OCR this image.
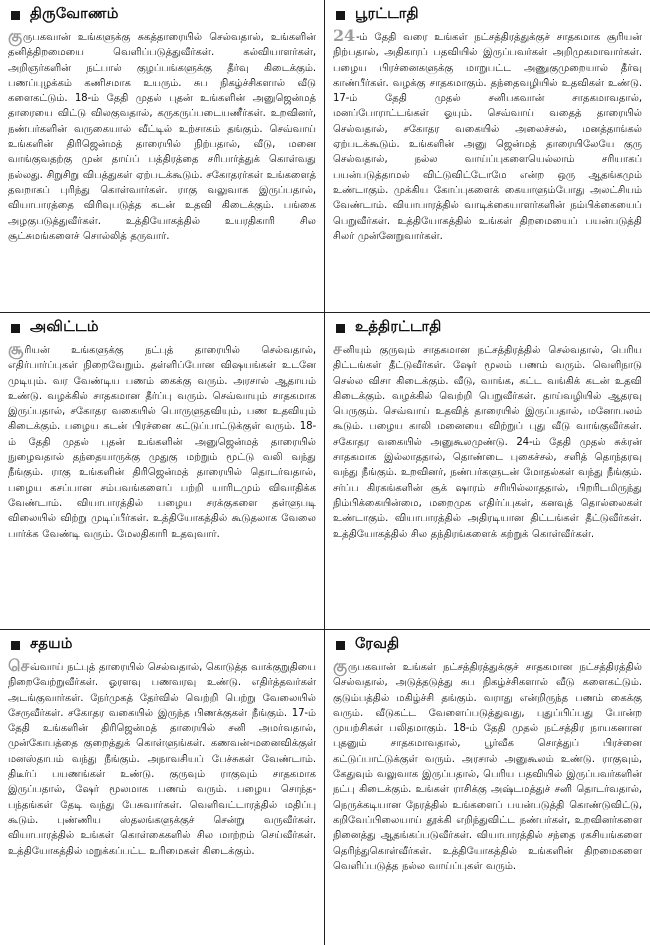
திருவோணம்
குருபகவான் உங்களுக்கு சுகத்தாரையில் செல்வதால், உங்களின் தனித்திறமையை வெளிப்படுத்துவீர்கள். கல்வியாளர்கள், அறிஞர்களின் நட்பால் குழப்பங்களுக்கு தீர்வு கிடைக்கும். பணப்புழக்கம் கணிசமாக உயரும். சுப நிகழ்ச்சிகளால் வீடு களைகட்டும். 18-ம் தேதி முதல் புதன் உங்களின் அனுஜென்மத் தாரையை விட்டு விலகுவதால், கருகருப்படையணீர்கள். உறவினர், நண்பர்களின் வருகையால் வீட்டில் உற்சாகம் தங்கும். செவ்வாய் உங்களின் திரிஜென்மத் தாரையில் நிற்பதால், வீடு, மனை வாங்குவதற்கு முன் தாய்ப் பத்திரத்தை சரிபார்த்துக் கொள்வது நல்லது. சிறுசிறு விபத்துகள் ஏற்படக்கூடும். சகோதரர்கள் உங்களைத் தவறாகப் புரிந்து கொள்வார்கள். ராகு வலுவாக இருப்பதால், வியாபாரத்தை விரிவுபடுத்த கடன் உதவி கிடைக்கும். பங்கை அழகுபடுத்துவீர்கள். உத்தியோகத்தில் உயரதிகாரி சில சூட்சுமங்களைச் சொல்லித் தருவார்.
பூரட்டாதி
24-ம் தேதி வரை உங்கள் நட்சத்திரத்துக்குச் சாதகமாக சூரியன் நிற்பதால், அதிகாரப் பதவியில் இருப்பவர்கள் அறிமுகமாவார்கள். பழைய பிரச்னைகளுக்கு மாறுபட்ட அணுகுமுறையால் தீர்வு காண்பீர்கள். வழக்கு சாதகமாகும். தந்தைவழியில் உதவிகள் உண்டு. 17-ம் தேதி முதல் சனிபகவான் சாதகமாவதால், மனப்போராட்டங்கள் ஓயும். செவ்வாய் வதைத் தாரையில் செல்வதால், சகோதர வகையில் அலைச்சல், மனத்தாங்கல் ஏற்படக்கூடும். உங்களின் அனு ஜென்மத் தாரையிலேயே குரு செல்வதால், நல்ல வாய்ப்புகளையெல்லாம் சரியாகப் பயன்படுத்தாமல் விட்டுவிட்டோமே என்ற ஒரு ஆதங்கமும் உண்டாகும். முக்கிய கோப்புகளைக் கையாளும்போது அலட்சியம் வேண்டாம். வியாபாரத்தில் வாடிக்கையாளர்களின் நம்பிக்கையைப் பெறுவீர்கள். உத்தியோகத்தில் உங்கள் திறமையைப் பயன்படுத்தி சிலர் முன்னேறுவார்கள்.
அவிட்டம்
சூரியன் உங்களுக்கு நட்புத் தாரையில் செல்வதால், எதிர்பார்ப்புகள் நிறைவேறும். தள்ளிப்போன விஷயங்கள் உடனே முடியும். வர வேண்டிய பணம் கைக்கு வரும். அரசால் ஆதாயம் உண்டு. வழக்கில் சாதகமான தீர்ப்பு வரும். செவ்வாயும் சாதகமாக இருப்பதால், சகோதர வகையில் பொருளுதவியும், பண உதவியும் கிடைக்கும். பழைய கடன் பிரச்னை கட்டுப்பாட்டுக்குள் வரும். 18-ம் தேதி முதல் புதன் உங்களின் அனுஜென்மத் தாரையில் நுழைவதால் தந்தையாருக்கு முதுகு மற்றும் மூட்டு வலி வந்து நீங்கும். ராகு உங்களின் திரிஜென்மத் தாரையில் தொடர்வதால், பழைய கசப்பான சம்பவங்களைப் பற்றி யாரிடமும் விவாதிக்க வேண்டாம். வியாபாரத்தில் பழைய சரக்குகளை தள்ளுபடி விலையில் விற்று முடிப்பீர்கள். உத்தியோகத்தில் கூடுதலாக வேலை பார்க்க வேண்டி வரும். மேலதிகாரி உதவுவார்.
உத்திரட்டாதி
சனியும் குருவும் சாதகமான நட்சத்திரத்தில் செல்வதால், பெரிய திட்டங்கள் தீட்டுவீர்கள். ஷேர் மூலம் பணம் வரும். வெளிநாடு செல்ல விசா கிடைக்கும். வீடு, வாங்க, கட்ட வங்கிக் கடன் உதவி கிடைக்கும். வழக்கில் வெற்றி பெறுவீர்கள். தாய்வழியில் ஆதரவு பெருகும். செவ்வாய் உதவித் தாரையில் இருப்பதால், மனோபலம் கூடும். பழைய காலி மனையை விற்றுப் புது வீடு வாங்குவீர்கள். சகோதர வகையில் அனுகூலமுண்டு. 24-ம் தேதி முதல் சுக்ரன் சாதகமாக இல்லாததால், தொண்டை புகைச்சல், சளித் தொந்தரவு வந்து நீங்கும். உறவினர், நண்பர்களுடன் மோதல்கள் வந்து நீங்கும். சர்ப்ப கிரகங்களின் சூக் ஷாரம் சரியில்லாததால், பிறரிடமிருந்து நிம்பிக்கையின்மை, மறைமுக எதிர்ப்புகள், கனவுத் தொல்லைகள் உண்டாகும். வியாபாரத்தில் அதிரடியான திட்டங்கள் தீட்டுவீர்கள். உத்தியோகத்தில் சில தந்திரங்களைக் கற்றுக் கொள்வீர்கள்.
சதயம்
செவ்வாய் நட்புத் தாரையில் செல்வதால், கொடுத்த வாக்குறுதியை நிறைவேற்றுவீர்கள். ஓரளவு பணவரவு உண்டு. எதிர்த்தவர்கள் அடங்குவார்கள். நேர்முகத் தேர்வில் வெற்றி பெற்று வேலையில் சேருவீர்கள். சகோதர வகையில் இருந்த பிணக்குகள் நீங்கும். 17-ம் தேதி உங்களின் திரிஜென்மத் தாரையில் சனி அமர்வதால், முன்கோபத்தை குறைத்துக் கொள்ளுங்கள். கணவன்-மனைவிக்குள் மனஸ்தாபம் வந்து நீங்கும். அநாவசியப் பேச்சுகள் வேண்டாம். திடீர்ப் பயணங்கள் உண்டு. குருவும் ராகுவும் சாதகமாக இருப்பதால், ஷேர் மூலமாக பணம் வரும். பழைய சொந்த-பந்தங்கள் தேடி வந்து பேசுவார்கள். வெளிவட்டாரத்தில் மதிப்பு கூடும். புண்ணிய ஸ்தலங்களுக்குச் சென்று வருவீர்கள். வியாபாரத்தில் உங்கள் கொள்கைகளில் சில மாற்றம் செய்வீர்கள். உத்தியோகத்தில் மறுக்கப்பட்ட உரிமைகள் கிடைக்கும்.
ரேவதி
குருபகவான் உங்கள் நட்சத்திரத்துக்குச் சாதகமான நட்சத்திரத்தில் செல்வதால், அடுத்தடுத்து சுப நிகழ்ச்சிகளால் வீடு களைகட்டும். குடும்பத்தில் மகிழ்ச்சி தங்கும். வராது என்றிருந்த பணம் கைக்கு வரும். வீடுகட்ட வேளைப்படுத்துவது, புதுப்பிப்பது போன்ற முயற்சிகள் பலிதமாகும். 18-ம் தேதி முதல் நட்சத்திர நாயகனான புதனும் சாதகமாவதால், பூர்வீக சொத்துப் பிரச்னை கட்டுப்பாட்டுக்குள் வரும். அரசால் அனுகூலம் உண்டு. ராகுவும், கேதுவும் வலுவாக இருப்பதால், பெரிய பதவியில் இருப்பவர்களின் நட்பு கிடைக்கும். உங்கள் ராசிக்கு அஷ்டமத்துச் சனி தொடர்வதால், நெருக்கடியான நேரத்தில் உங்களைப் பயன்படுத்தி கொண்டுவிட்டு, கறிவேப்பிலையாய் தூக்கி எறிந்துவிட்ட நண்பர்கள், உறவினர்களை நினைத்து ஆதங்கப்படுவீர்கள். வியாபாரத்தில் சந்தை ரகசியங்களை தெரிந்துகொள்வீர்கள். உத்தியோகத்தில் உங்களின் திறமைகளை வெளிப்படுத்த நல்ல வாய்ப்புகள் வரும்.
